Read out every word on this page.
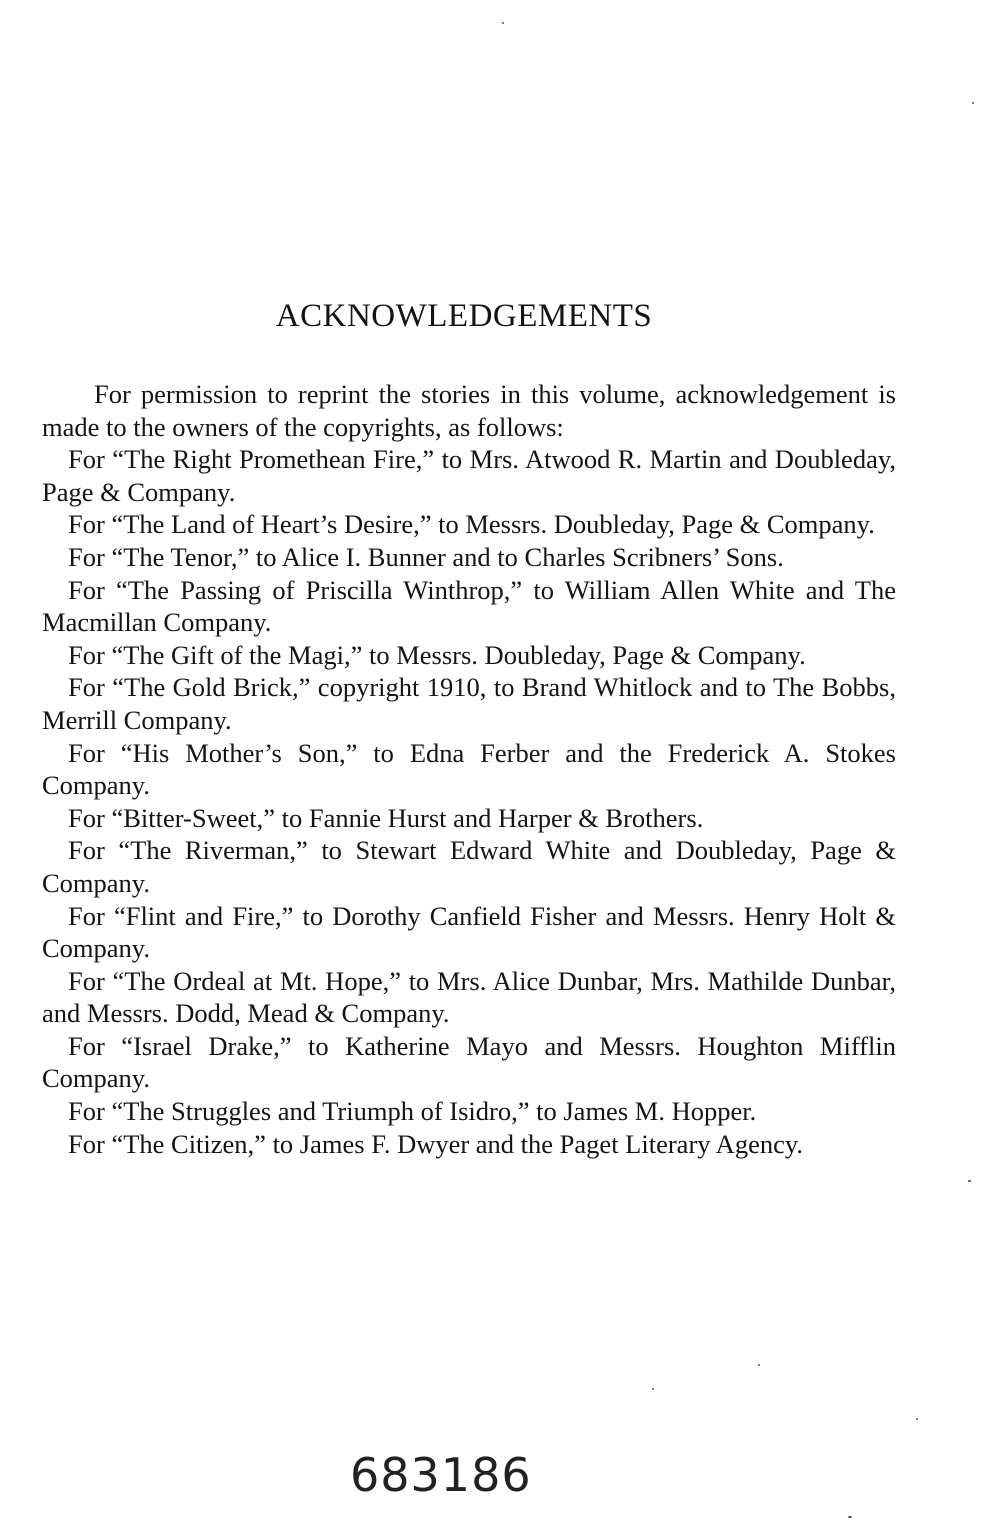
ACKNOWLEDGEMENTS

For permission to reprint the stories in this volume, acknowledgement is made to the owners of the copyrights, as follows:

For “The Right Promethean Fire,” to Mrs. Atwood R. Martin and Doubleday, Page & Company.

For “The Land of Heart’s Desire,” to Messrs. Doubleday, Page & Company.

For “The Tenor,” to Alice I. Bunner and to Charles Scribners’ Sons.

For “The Passing of Priscilla Winthrop,” to William Allen White and The Macmillan Company.

For “The Gift of the Magi,” to Messrs. Doubleday, Page & Company.

For “The Gold Brick,” copyright 1910, to Brand Whitlock and to The Bobbs, Merrill Company.

For “His Mother’s Son,” to Edna Ferber and the Frederick A. Stokes Company.

For “Bitter-Sweet,” to Fannie Hurst and Harper & Brothers.

For “The Riverman,” to Stewart Edward White and Doubleday, Page & Company.

For “Flint and Fire,” to Dorothy Canfield Fisher and Messrs. Henry Holt & Company.

For “The Ordeal at Mt. Hope,” to Mrs. Alice Dunbar, Mrs. Mathilde Dunbar, and Messrs. Dodd, Mead & Company.

For “Israel Drake,” to Katherine Mayo and Messrs. Houghton Mifflin Company.

For “The Struggles and Triumph of Isidro,” to James M. Hopper.

For “The Citizen,” to James F. Dwyer and the Paget Literary Agency.

683186
